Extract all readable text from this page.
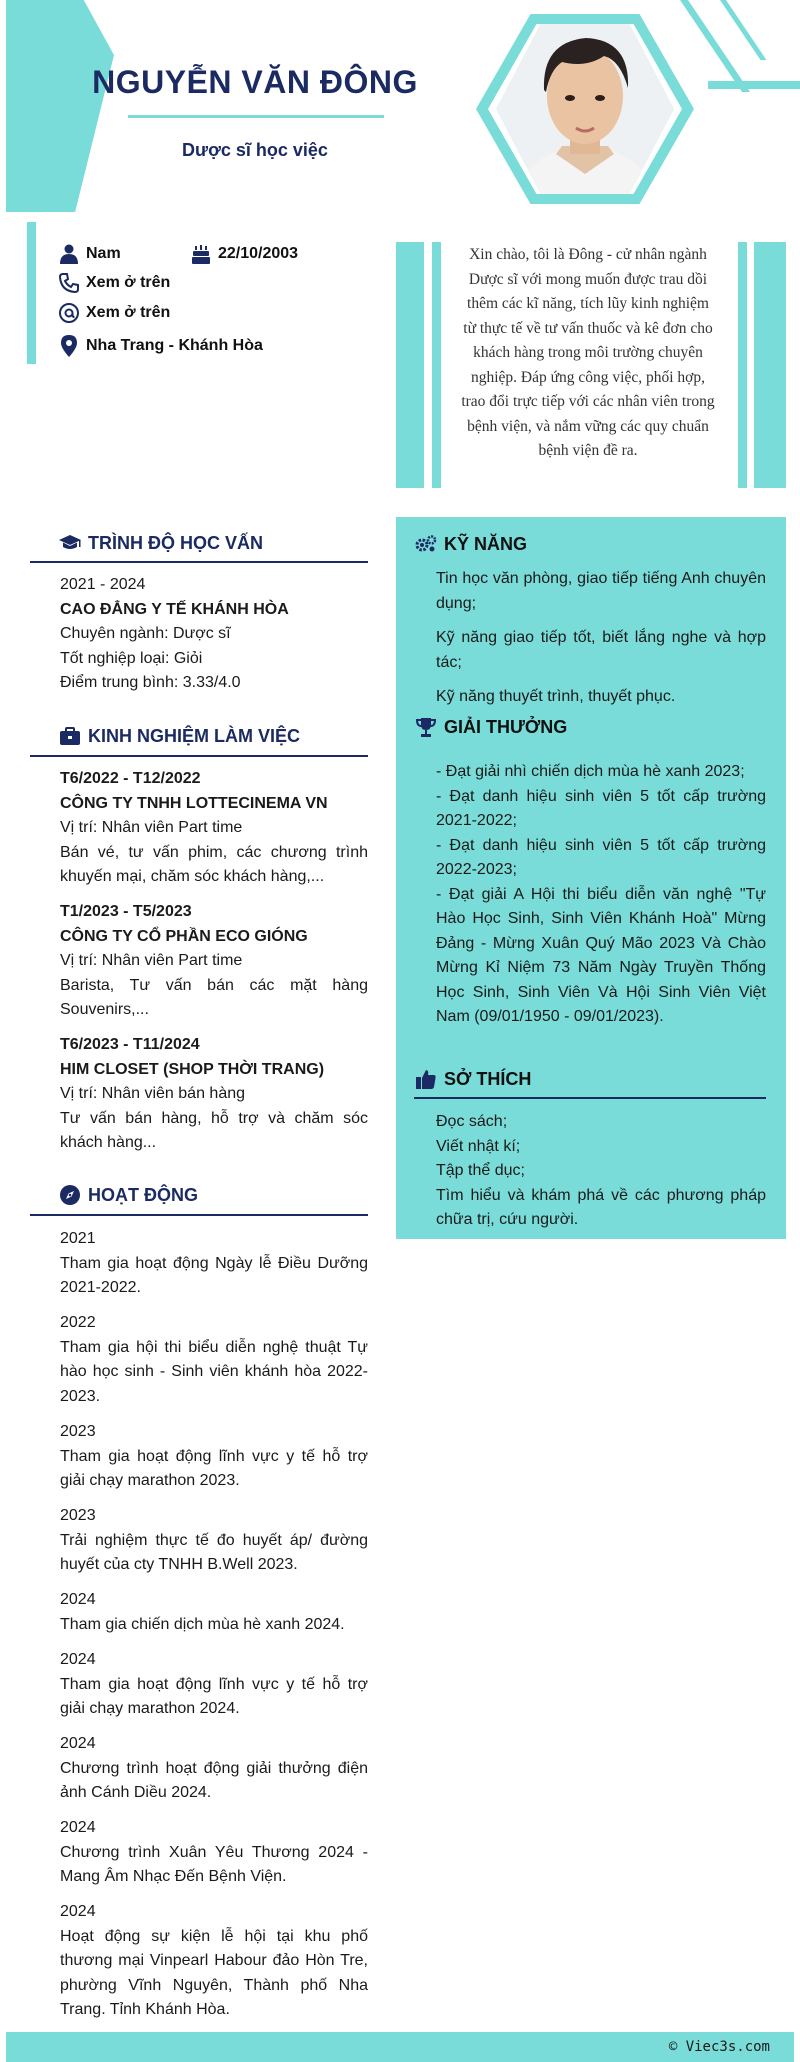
NGUYỄN VĂN ĐÔNG
Dược sĩ học việc
Nam	22/10/2003
Xem ở trên
Xem ở trên
Nha Trang - Khánh Hòa
Xin chào, tôi là Đông - cử nhân ngành
Dược sĩ với mong muốn được trau dồi
thêm các kĩ năng, tích lũy kinh nghiệm
từ thực tế về tư vấn thuốc và kê đơn cho
khách hàng trong môi trường chuyên
nghiệp. Đáp ứng công việc, phối hợp,
trao đổi trực tiếp với các nhân viên trong
bệnh viện, và nắm vững các quy chuẩn
bệnh viện đề ra.
TRÌNH ĐỘ HỌC VẤN
2021 - 2024
CAO ĐẲNG Y TẾ KHÁNH HÒA
Chuyên ngành: Dược sĩ
Tốt nghiệp loại: Giỏi
Điểm trung bình: 3.33/4.0
KINH NGHIỆM LÀM VIỆC
T6/2022 - T12/2022
CÔNG TY TNHH LOTTECINEMA VN
Vị trí: Nhân viên Part time
Bán vé, tư vấn phim, các chương trình khuyến mại, chăm sóc khách hàng,...
T1/2023 - T5/2023
CÔNG TY CỔ PHẦN ECO GIÓNG
Vị trí: Nhân viên Part time
Barista, Tư vấn bán các mặt hàng Souvenirs,...
T6/2023 - T11/2024
HIM CLOSET (SHOP THỜI TRANG)
Vị trí: Nhân viên bán hàng
Tư vấn bán hàng, hỗ trợ và chăm sóc khách hàng...
HOẠT ĐỘNG
2021
Tham gia hoạt động Ngày lễ Điều Dưỡng 2021-2022.
2022
Tham gia hội thi biểu diễn nghệ thuật Tự hào học sinh - Sinh viên khánh hòa 2022-2023.
2023
Tham gia hoạt động lĩnh vực y tế hỗ trợ giải chạy marathon 2023.
2023
Trải nghiệm thực tế đo huyết áp/ đường huyết của cty TNHH B.Well 2023.
2024
Tham gia chiến dịch mùa hè xanh 2024.
2024
Tham gia hoạt động lĩnh vực y tế hỗ trợ giải chạy marathon 2024.
2024
Chương trình hoạt động giải thưởng điện ảnh Cánh Diều 2024.
2024
Chương trình Xuân Yêu Thương 2024 - Mang Âm Nhạc Đến Bệnh Viện.
2024
Hoạt động sự kiện lễ hội tại khu phố thương mại Vinpearl Habour đảo Hòn Tre, phường Vĩnh Nguyên, Thành phố Nha Trang. Tỉnh Khánh Hòa.
KỸ NĂNG

Tin học văn phòng, giao tiếp tiếng Anh chuyên dụng;

Kỹ năng giao tiếp tốt, biết lắng nghe và hợp tác;

Kỹ năng thuyết trình, thuyết phục.

GIẢI THƯỞNG

- Đạt giải nhì chiến dịch mùa hè xanh 2023;

- Đạt danh hiệu sinh viên 5 tốt cấp trường 2021-2022;

- Đạt danh hiệu sinh viên 5 tốt cấp trường 2022-2023;

- Đạt giải A Hội thi biểu diễn văn nghệ "Tự Hào Học Sinh, Sinh Viên Khánh Hoà" Mừng Đảng - Mừng Xuân Quý Mão 2023 Và Chào Mừng Kỉ Niệm 73 Năm Ngày Truyền Thống Học Sinh, Sinh Viên Và Hội Sinh Viên Việt Nam (09/01/1950 - 09/01/2023).

SỞ THÍCH

Đọc sách;

Viết nhật kí;

Tập thể dục;

Tìm hiểu và khám phá về các phương pháp chữa trị, cứu người.

© Viec3s.com
